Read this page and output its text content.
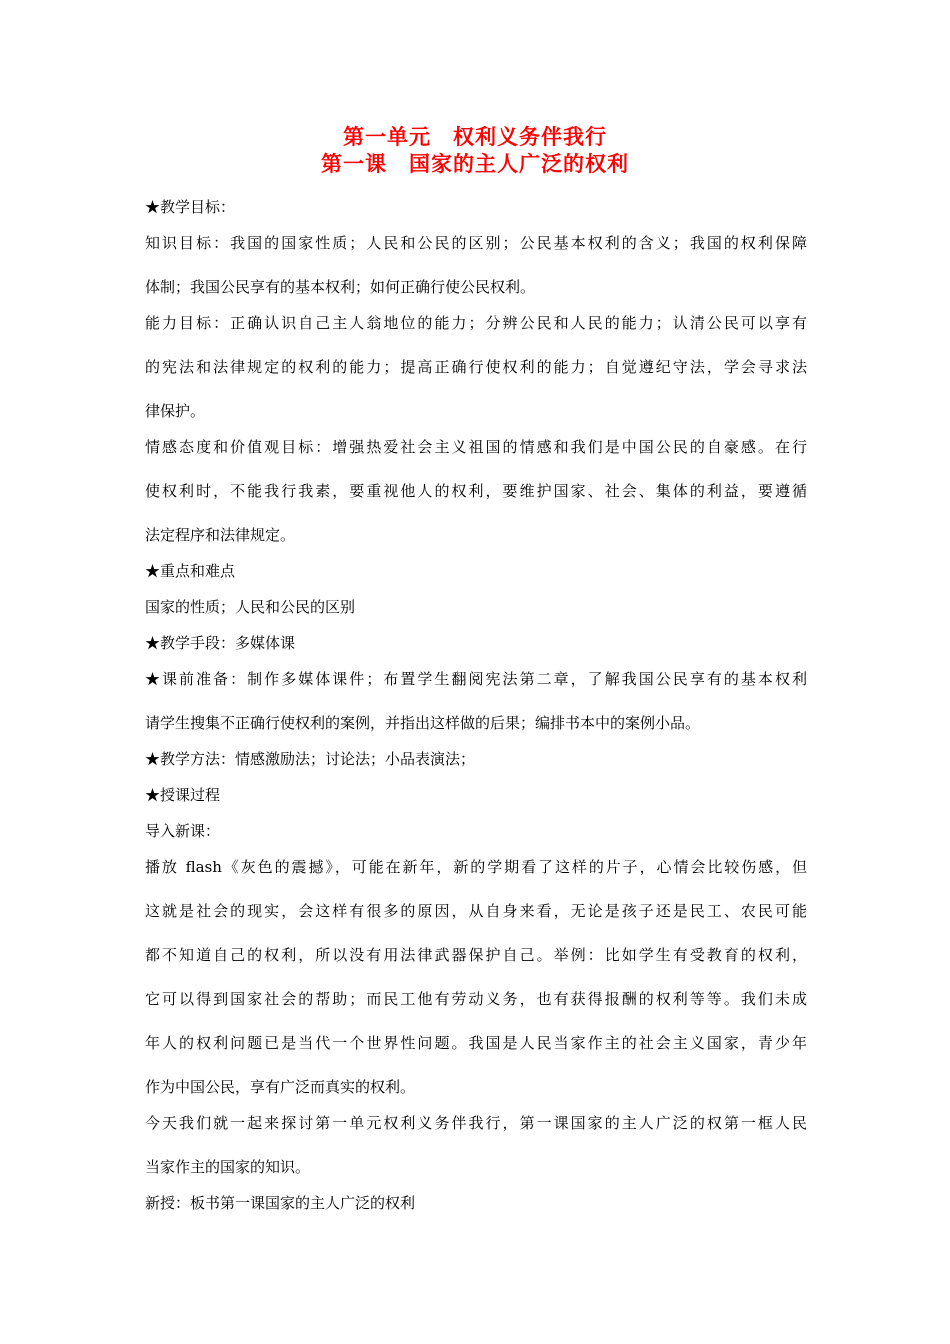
第一单元　权利义务伴我行
第一课　国家的主人广泛的权利
★教学目标：
知识目标：我国的国家性质；人民和公民的区别；公民基本权利的含义；我国的权利保障
体制；我国公民享有的基本权利；如何正确行使公民权利。
能力目标：正确认识自己主人翁地位的能力；分辨公民和人民的能力；认清公民可以享有
的宪法和法律规定的权利的能力；提高正确行使权利的能力；自觉遵纪守法，学会寻求法
律保护。
情感态度和价值观目标：增强热爱社会主义祖国的情感和我们是中国公民的自豪感。在行
使权利时，不能我行我素，要重视他人的权利，要维护国家、社会、集体的利益，要遵循
法定程序和法律规定。
★重点和难点
国家的性质；人民和公民的区别
★教学手段：多媒体课
★课前准备：制作多媒体课件；布置学生翻阅宪法第二章，了解我国公民享有的基本权利
请学生搜集不正确行使权利的案例，并指出这样做的后果；编排书本中的案例小品。
★教学方法：情感激励法；讨论法；小品表演法；
★授课过程
导入新课：
播放 flash《灰色的震撼》，可能在新年，新的学期看了这样的片子，心情会比较伤感，但
这就是社会的现实，会这样有很多的原因，从自身来看，无论是孩子还是民工、农民可能
都不知道自己的权利，所以没有用法律武器保护自己。举例：比如学生有受教育的权利，
它可以得到国家社会的帮助；而民工他有劳动义务，也有获得报酬的权利等等。我们未成
年人的权利问题已是当代一个世界性问题。我国是人民当家作主的社会主义国家，青少年
作为中国公民，享有广泛而真实的权利。
今天我们就一起来探讨第一单元权利义务伴我行，第一课国家的主人广泛的权第一框人民
当家作主的国家的知识。
新授：板书第一课国家的主人广泛的权利
